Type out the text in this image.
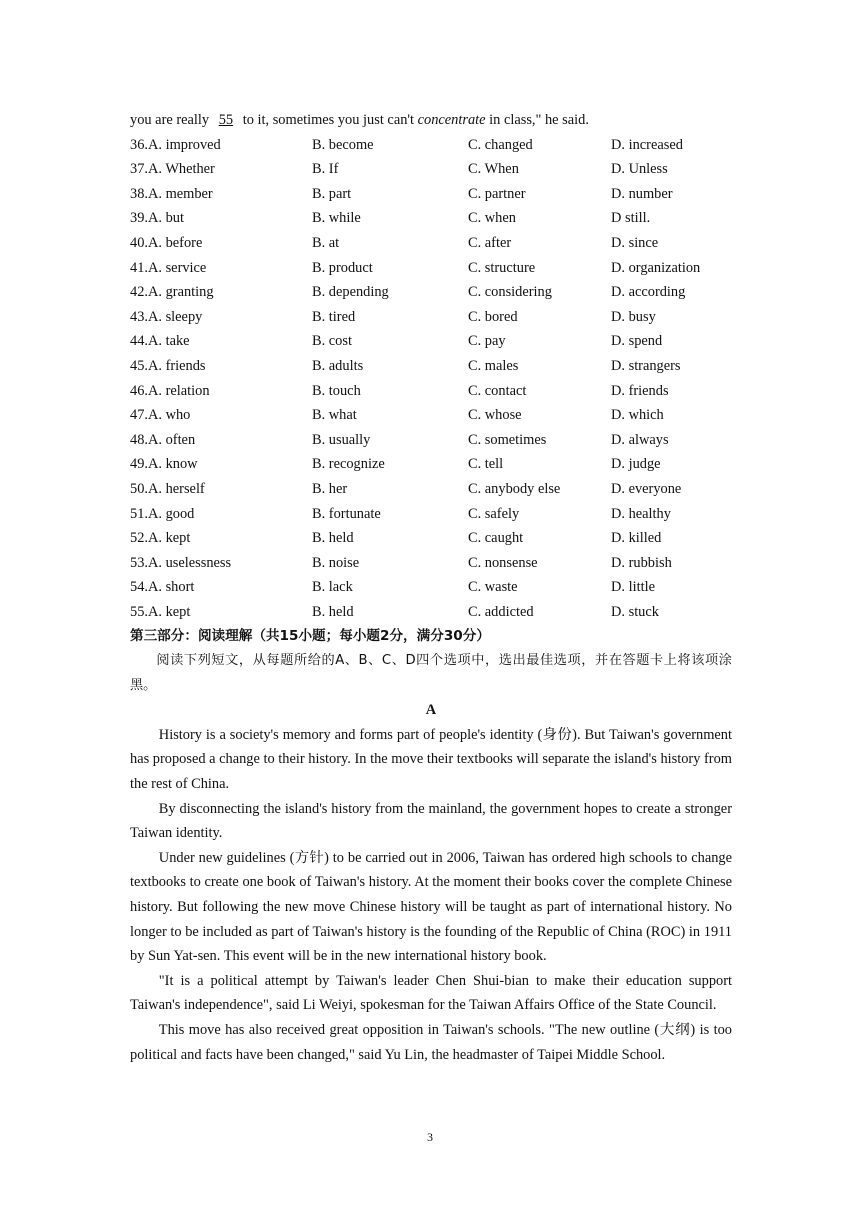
you are really 55 to it, sometimes you just can't concentrate in class," he said.
36.A. improved	B. become	C. changed	D. increased
37.A. Whether	B. If	C. When	D. Unless
38.A. member	B. part	C. partner	D. number
39.A. but	B. while	C. when	D still.
40.A. before	B. at	C. after	D. since
41.A. service	B. product	C. structure	D. organization
42.A. granting	B. depending	C. considering	D. according
43.A. sleepy	B. tired	C. bored	D. busy
44.A. take	B. cost	C. pay	D. spend
45.A. friends	B. adults	C. males	D. strangers
46.A. relation	B. touch	C. contact	D. friends
47.A. who	B. what	C. whose	D. which
48.A. often	B. usually	C. sometimes	D. always
49.A. know	B. recognize	C. tell	D. judge
50.A. herself	B. her	C. anybody else	D. everyone
51.A. good	B. fortunate	C. safely	D. healthy
52.A. kept	B. held	C. caught	D. killed
53.A. uselessness	B. noise	C. nonsense	D. rubbish
54.A. short	B. lack	C. waste	D. little
55.A. kept	B. held	C. addicted	D. stuck
第三部分：阅读理解（共15小题；每小题2分，满分30分）

阅读下列短文，从每题所给的A、B、C、D四个选项中，选出最佳选项，并在答题卡上将该项涂黑。

A

History is a society's memory and forms part of people's identity (身份). But Taiwan's government has proposed a change to their history. In the move their textbooks will separate the island's history from the rest of China.

By disconnecting the island's history from the mainland, the government hopes to create a stronger Taiwan identity.

Under new guidelines (方针) to be carried out in 2006, Taiwan has ordered high schools to change textbooks to create one book of Taiwan's history. At the moment their books cover the complete Chinese history. But following the new move Chinese history will be taught as part of international history. No longer to be included as part of Taiwan's history is the founding of the Republic of China (ROC) in 1911 by Sun Yat-sen. This event will be in the new international history book.

"It is a political attempt by Taiwan's leader Chen Shui-bian to make their education support Taiwan's independence", said Li Weiyi, spokesman for the Taiwan Affairs Office of the State Council.

This move has also received great opposition in Taiwan's schools. "The new outline (大纲) is too political and facts have been changed," said Yu Lin, the headmaster of Taipei Middle School.

3
